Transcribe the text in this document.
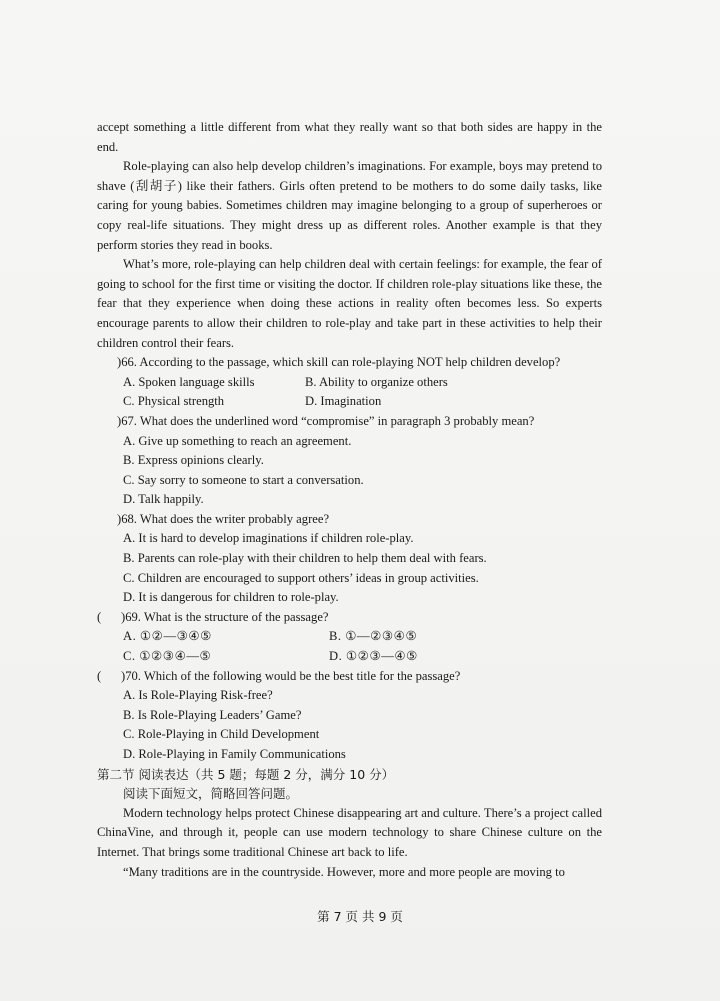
accept something a little different from what they really want so that both sides are happy in the end.

Role-playing can also help develop children’s imaginations. For example, boys may pretend to shave (刮胡子) like their fathers. Girls often pretend to be mothers to do some daily tasks, like caring for young babies. Sometimes children may imagine belonging to a group of superheroes or copy real-life situations. They might dress up as different roles. Another example is that they perform stories they read in books.

What’s more, role-playing can help children deal with certain feelings: for example, the fear of going to school for the first time or visiting the doctor. If children role-play situations like these, the fear that they experience when doing these actions in reality often becomes less. So experts encourage parents to allow their children to role-play and take part in these activities to help their children control their fears.

)66. According to the passage, which skill can role-playing NOT help children develop?
A. Spoken language skills	B. Ability to organize others
C. Physical strength	D. Imagination
)67. What does the underlined word “compromise” in paragraph 3 probably mean?
A. Give up something to reach an agreement.
B. Express opinions clearly.
C. Say sorry to someone to start a conversation.
D. Talk happily.
)68. What does the writer probably agree?
A. It is hard to develop imaginations if children role-play.
B. Parents can role-play with their children to help them deal with fears.
C. Children are encouraged to support others’ ideas in group activities.
D. It is dangerous for children to role-play.
( )69. What is the structure of the passage?
A. ①②—③④⑤	B. ①—②③④⑤
C. ①②③④—⑤	D. ①②③—④⑤
( )70. Which of the following would be the best title for the passage?
A. Is Role-Playing Risk-free?
B. Is Role-Playing Leaders’ Game?
C. Role-Playing in Child Development
D. Role-Playing in Family Communications
第二节 阅读表达（共 5 题；每题 2 分，满分 10 分）
阅读下面短文，简略回答问题。

Modern technology helps protect Chinese disappearing art and culture. There’s a project called ChinaVine, and through it, people can use modern technology to share Chinese culture on the Internet. That brings some traditional Chinese art back to life.

“Many traditions are in the countryside. However, more and more people are moving to

第 7 页 共 9 页
